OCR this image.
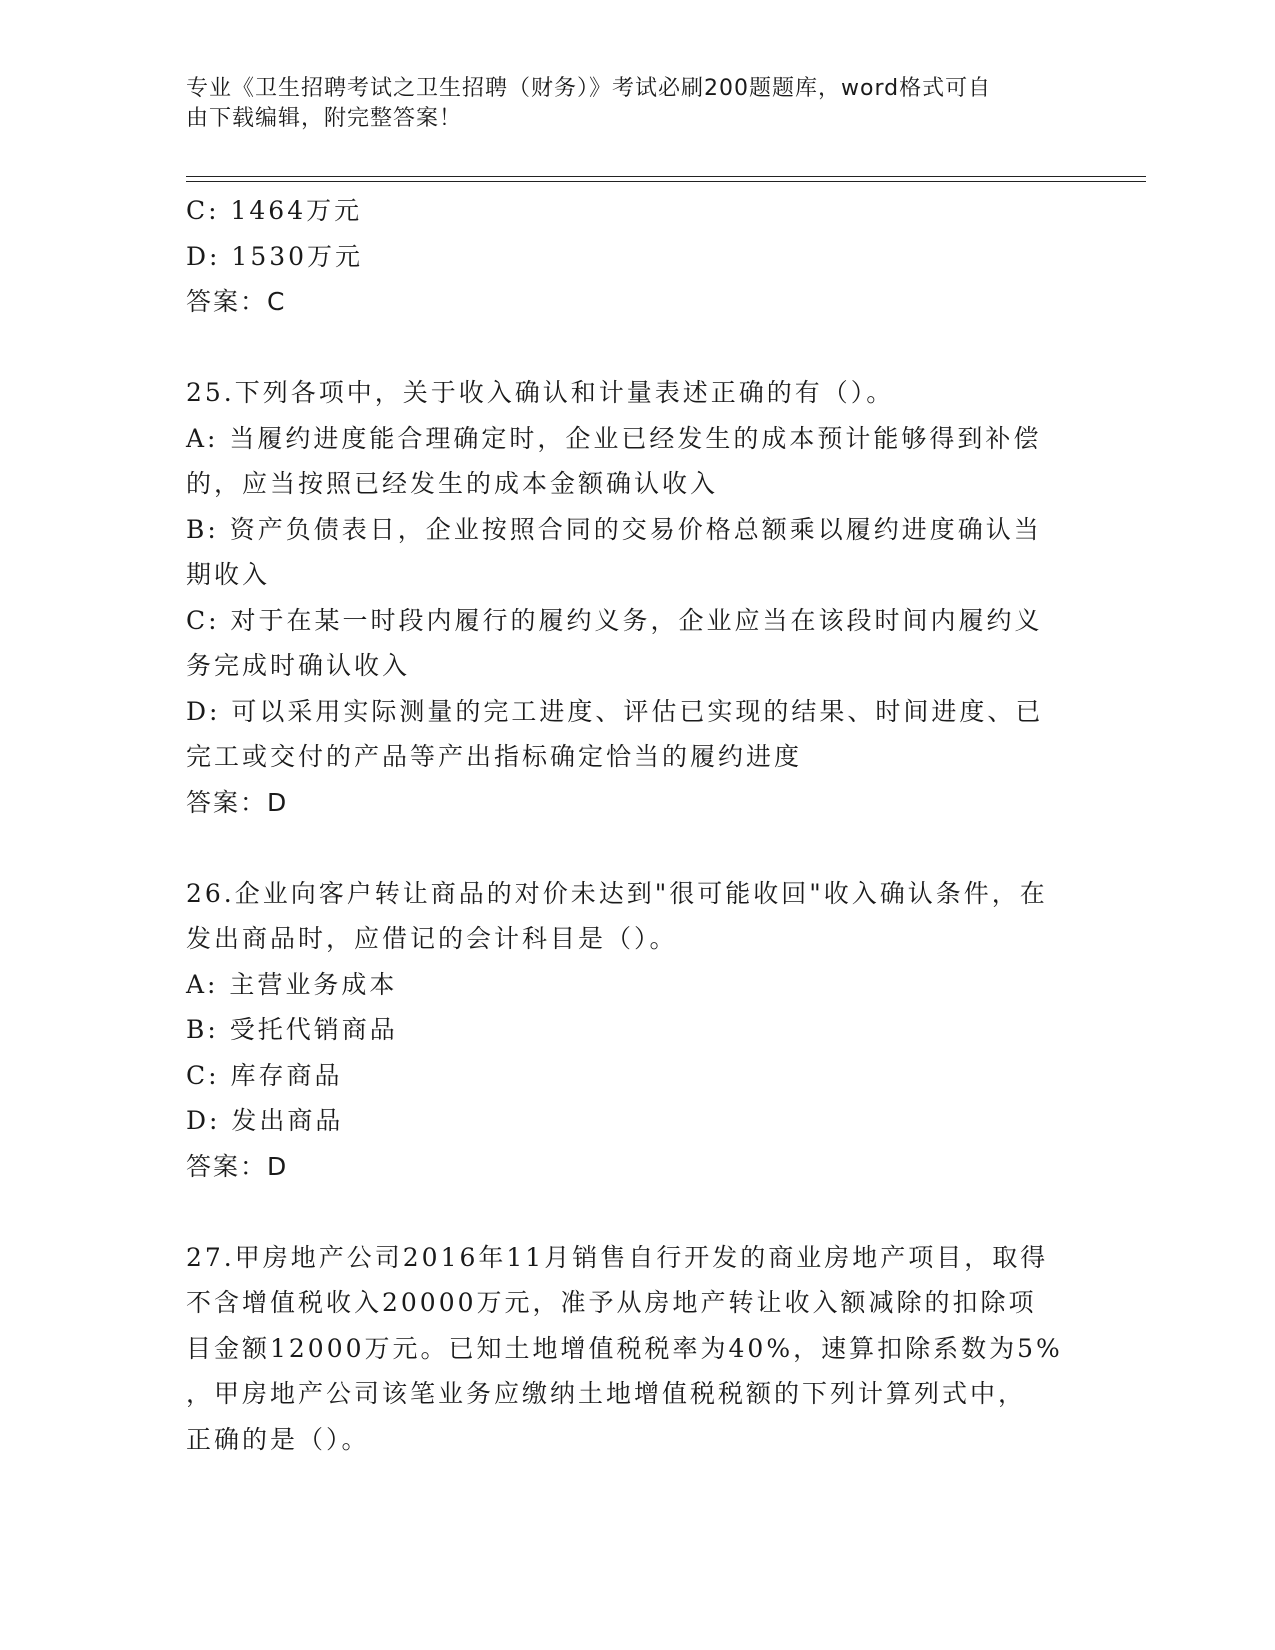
专业《卫生招聘考试之卫生招聘（财务）》考试必刷200题题库，word格式可自
由下载编辑，附完整答案！
C: 1464万元
D: 1530万元
答案：C
25.下列各项中，关于收入确认和计量表述正确的有（）。
A: 当履约进度能合理确定时，企业已经发生的成本预计能够得到补偿
的，应当按照已经发生的成本金额确认收入
B: 资产负债表日，企业按照合同的交易价格总额乘以履约进度确认当
期收入
C: 对于在某一时段内履行的履约义务，企业应当在该段时间内履约义
务完成时确认收入
D: 可以采用实际测量的完工进度、评估已实现的结果、时间进度、已
完工或交付的产品等产出指标确定恰当的履约进度
答案：D
26.企业向客户转让商品的对价未达到"很可能收回"收入确认条件，在
发出商品时，应借记的会计科目是（）。
A: 主营业务成本
B: 受托代销商品
C: 库存商品
D: 发出商品
答案：D
27.甲房地产公司2016年11月销售自行开发的商业房地产项目，取得
不含增值税收入20000万元，准予从房地产转让收入额减除的扣除项
目金额12000万元。已知土地增值税税率为40%，速算扣除系数为5%
，甲房地产公司该笔业务应缴纳土地增值税税额的下列计算列式中，
正确的是（）。
